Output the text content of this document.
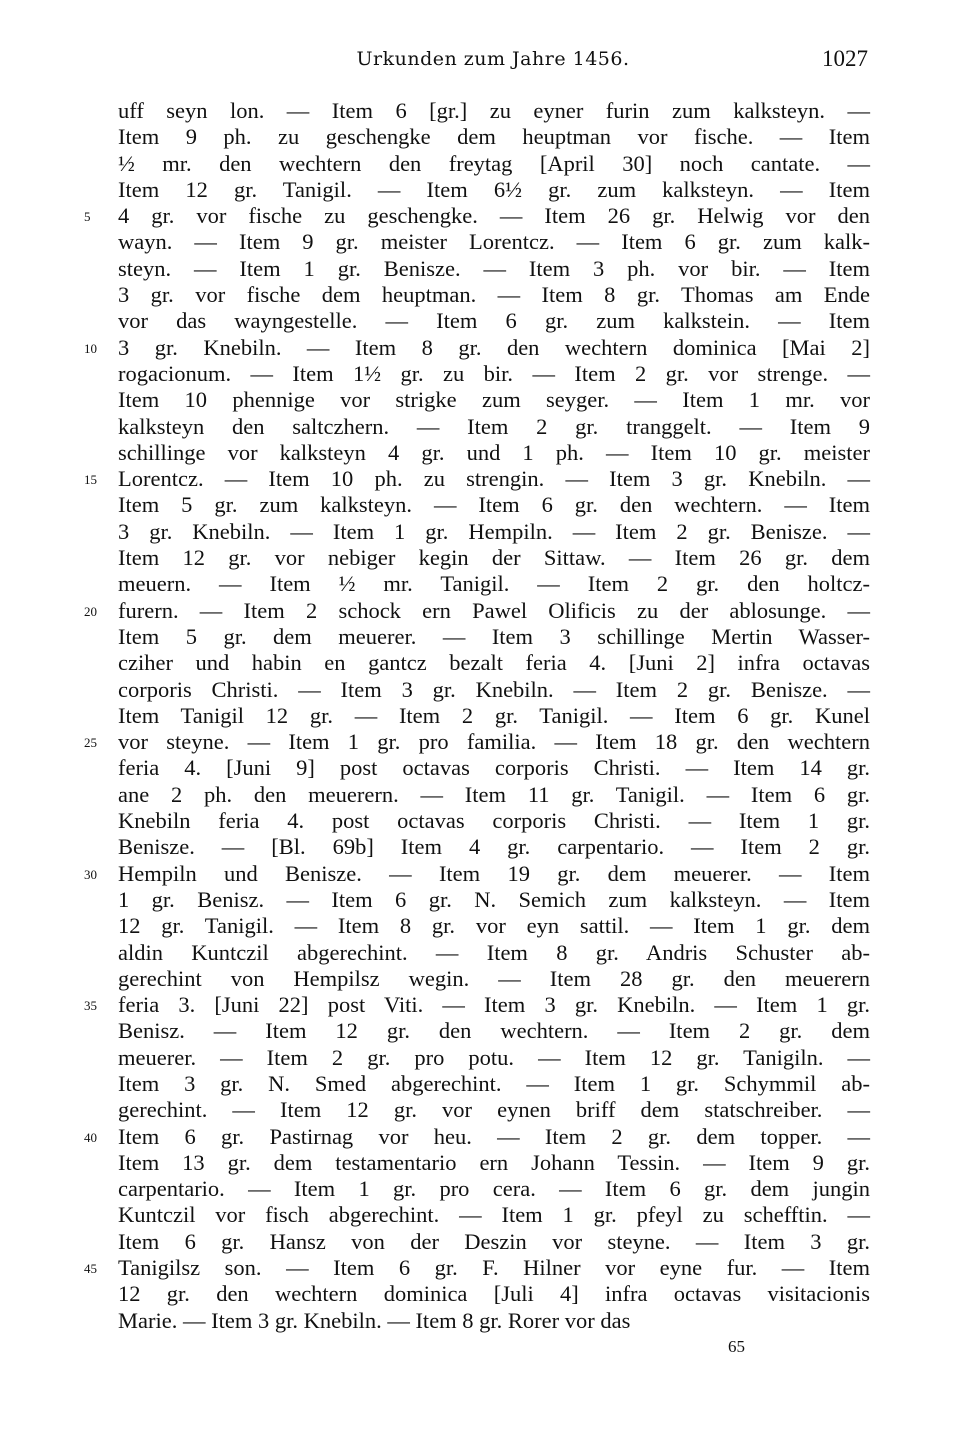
Urkunden zum Jahre 1456.	1027
uff seyn lon. — Item 6 [gr.] zu eyner furin zum kalksteyn. —
Item 9 ph. zu geschengke dem heuptman vor fische. — Item
½ mr. den wechtern den freytag [April 30] noch cantate. —
Item 12 gr. Tanigil. — Item 6½ gr. zum kalksteyn. — Item
5	4 gr. vor fische zu geschengke. — Item 26 gr. Helwig vor den
wayn. — Item 9 gr. meister Lorentcz. — Item 6 gr. zum kalk-
steyn. — Item 1 gr. Benisze. — Item 3 ph. vor bir. — Item
3 gr. vor fische dem heuptman. — Item 8 gr. Thomas am Ende
vor das wayngestelle. — Item 6 gr. zum kalkstein. — Item
10 3 gr. Knebiln. — Item 8 gr. den wechtern dominica [Mai 2]
rogacionum. — Item 1½ gr. zu bir. — Item 2 gr. vor strenge. —
Item 10 phennige vor strigke zum seyger. — Item 1 mr. vor
kalksteyn den saltczhern. — Item 2 gr. tranggelt. — Item 9
schillinge vor kalksteyn 4 gr. und 1 ph. — Item 10 gr. meister
15 Lorentcz. — Item 10 ph. zu strengin. — Item 3 gr. Knebiln. —
Item 5 gr. zum kalksteyn. — Item 6 gr. den wechtern. — Item
3 gr. Knebiln. — Item 1 gr. Hempiln. — Item 2 gr. Benisze. —
Item 12 gr. vor nebiger kegin der Sittaw. — Item 26 gr. dem
meuern. — Item ½ mr. Tanigil. — Item 2 gr. den holtcz-
20 furern. — Item 2 schock ern Pawel Olificis zu der ablosunge. —
Item 5 gr. dem meuerer. — Item 3 schillinge Mertin Wasser-
cziher und habin en gantcz bezalt feria 4. [Juni 2] infra octavas
corporis Christi. — Item 3 gr. Knebiln. — Item 2 gr. Benisze. —
Item Tanigil 12 gr. — Item 2 gr. Tanigil. — Item 6 gr. Kunel
25 vor steyne. — Item 1 gr. pro familia. — Item 18 gr. den wechtern
feria 4. [Juni 9] post octavas corporis Christi. — Item 14 gr.
ane 2 ph. den meuerern. — Item 11 gr. Tanigil. — Item 6 gr.
Knebiln feria 4. post octavas corporis Christi. — Item 1 gr.
Benisze. — [Bl. 69b] Item 4 gr. carpentario. — Item 2 gr.
30 Hempiln und Benisze. — Item 19 gr. dem meuerer. — Item
1 gr. Benisz. — Item 6 gr. N. Semich zum kalksteyn. — Item
12 gr. Tanigil. — Item 8 gr. vor eyn sattil. — Item 1 gr. dem
aldin Kuntczil abgerechint. — Item 8 gr. Andris Schuster ab-
gerechint von Hempilsz wegin. — Item 28 gr. den meuerern
35 feria 3. [Juni 22] post Viti. — Item 3 gr. Knebiln. — Item 1 gr.
Benisz. — Item 12 gr. den wechtern. — Item 2 gr. dem
meuerer. — Item 2 gr. pro potu. — Item 12 gr. Tanigiln. —
Item 3 gr. N. Smed abgerechint. — Item 1 gr. Schymmil ab-
gerechint. — Item 12 gr. vor eynen briff dem statschreiber. —
40 Item 6 gr. Pastirnag vor heu. — Item 2 gr. dem topper. —
Item 13 gr. dem testamentario ern Johann Tessin. — Item 9 gr.
carpentario. — Item 1 gr. pro cera. — Item 6 gr. dem jungin
Kuntczil vor fisch abgerechint. — Item 1 gr. pfeyl zu schefftin. —
Item 6 gr. Hansz von der Deszin vor steyne. — Item 3 gr.
45 Tanigilsz son. — Item 6 gr. F. Hilner vor eyne fur. — Item
12 gr. den wechtern dominica [Juli 4] infra octavas visitacionis
Marie. — Item 3 gr. Knebiln. — Item 8 gr. Rorer vor das
65
